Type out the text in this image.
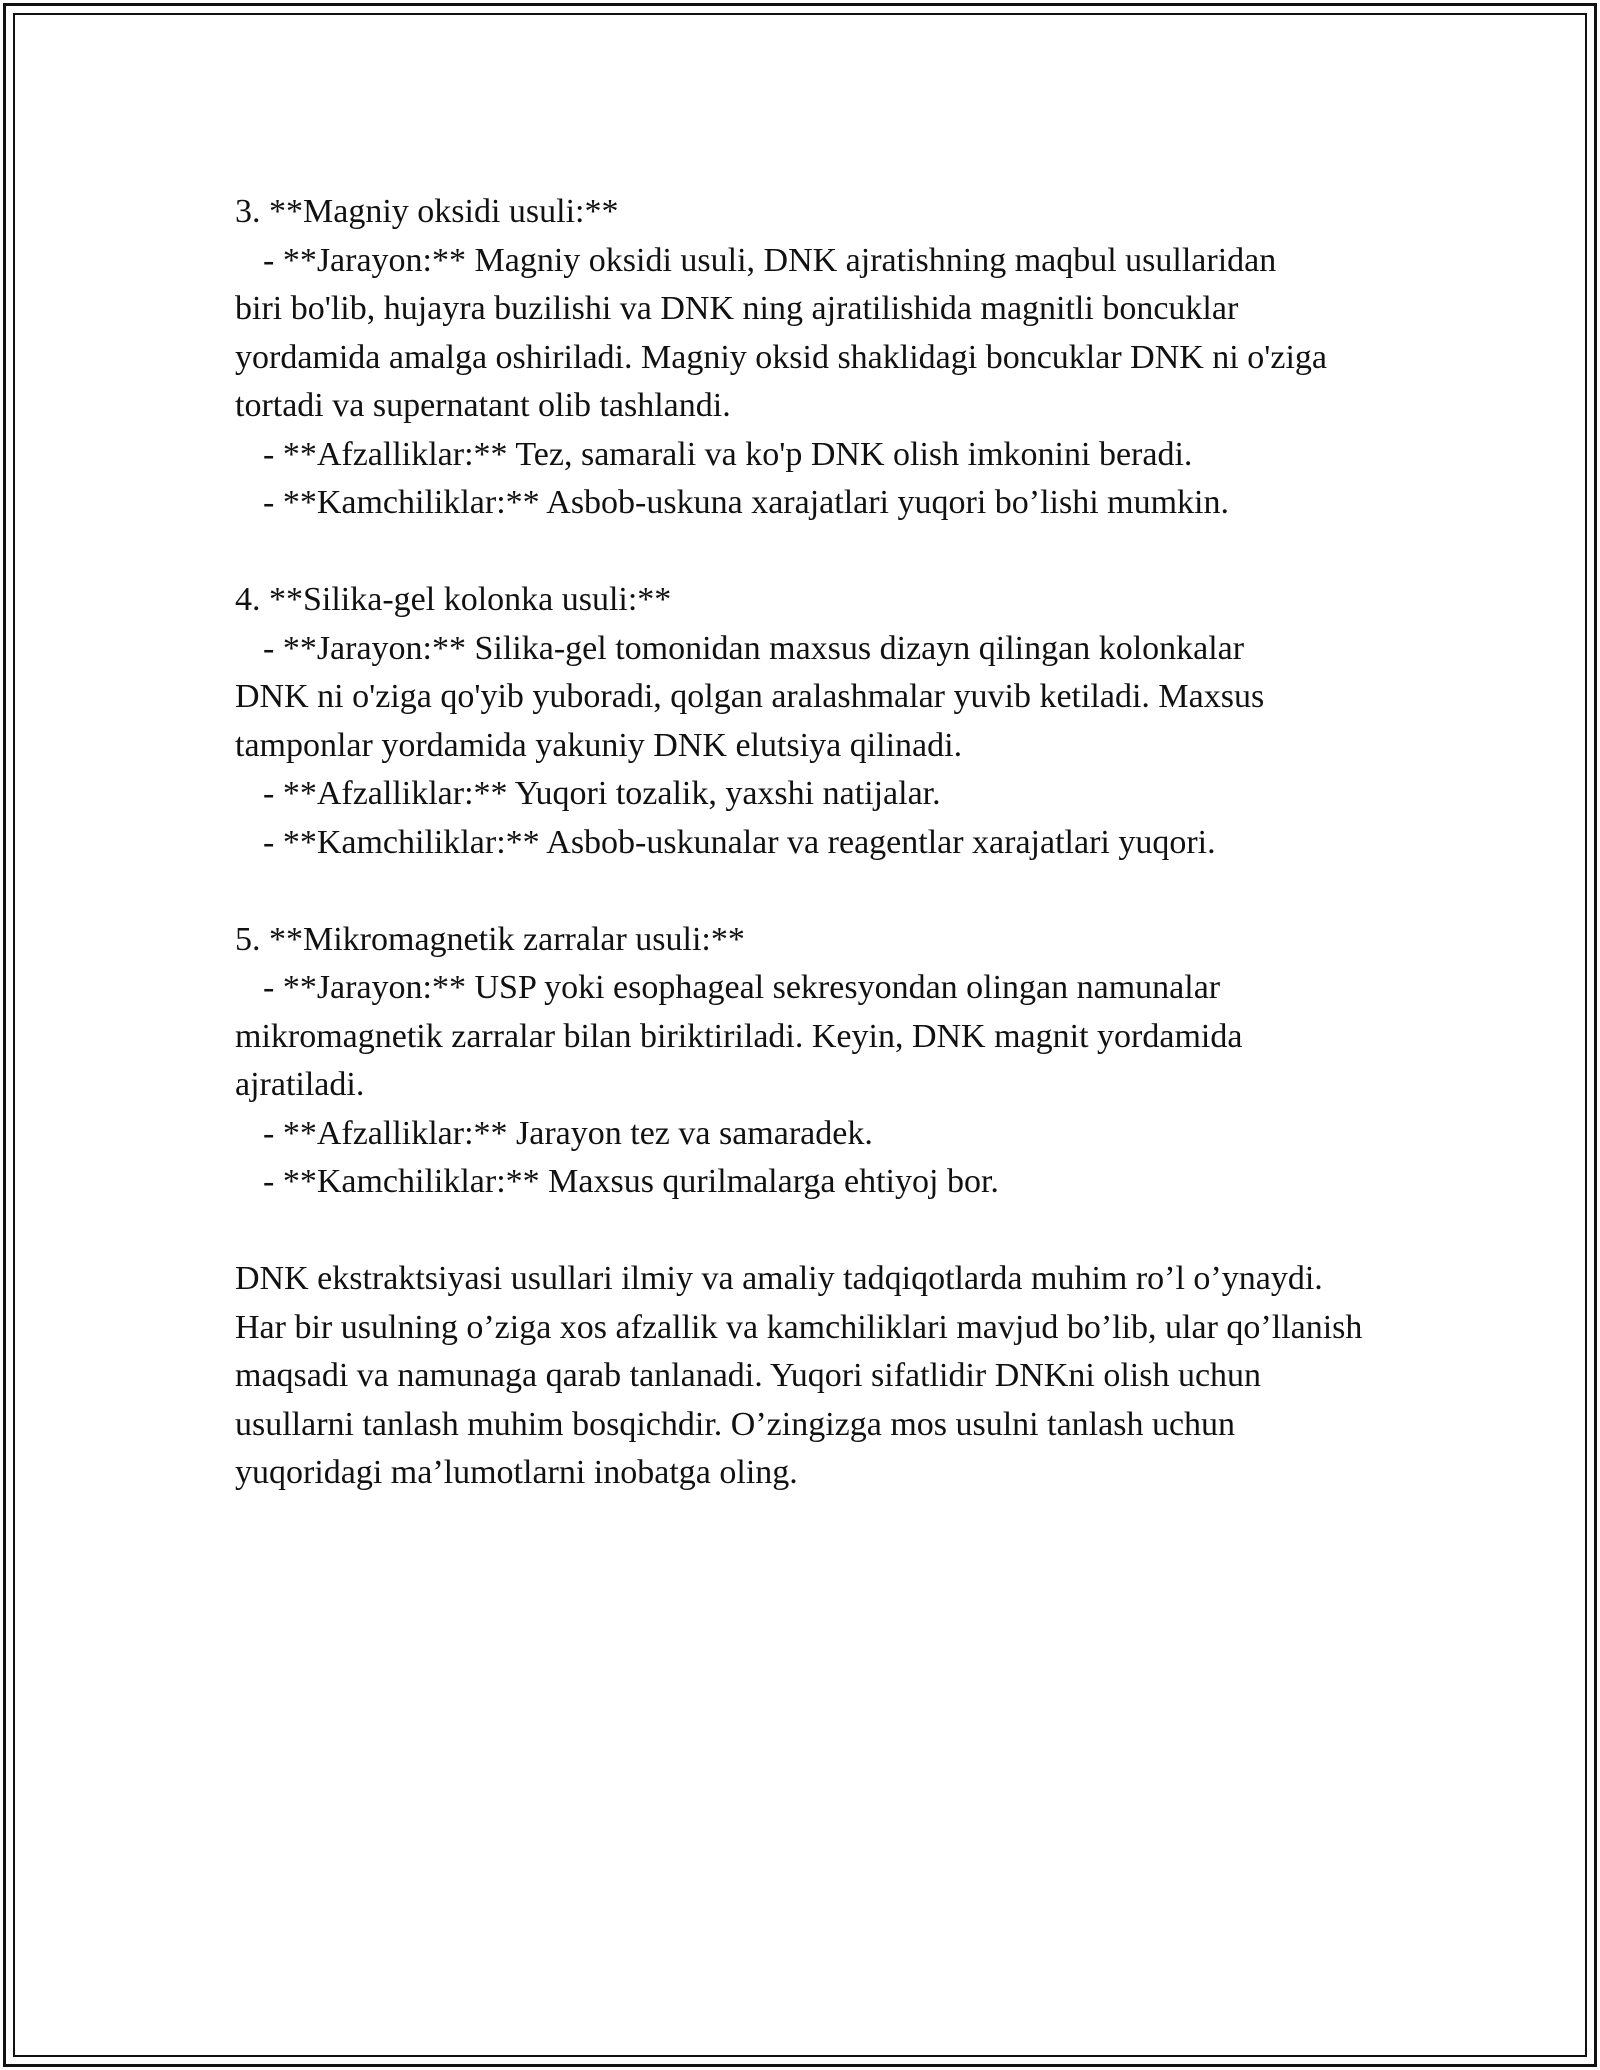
3. **Magniy oksidi usuli:**

- **Jarayon:** Magniy oksidi usuli, DNK ajratishning maqbul usullaridan

biri bo'lib, hujayra buzilishi va DNK ning ajratilishida magnitli boncuklar yordamida amalga oshiriladi. Magniy oksid shaklidagi boncuklar DNK ni o'ziga tortadi va supernatant olib tashlandi.

- **Afzalliklar:** Tez, samarali va ko'p DNK olish imkonini beradi.

- **Kamchiliklar:** Asbob-uskuna xarajatlari yuqori bo’lishi mumkin.

4. **Silika-gel kolonka usuli:**

- **Jarayon:** Silika-gel tomonidan maxsus dizayn qilingan kolonkalar

DNK ni o'ziga qo'yib yuboradi, qolgan aralashmalar yuvib ketiladi. Maxsus tamponlar yordamida yakuniy DNK elutsiya qilinadi.

- **Afzalliklar:** Yuqori tozalik, yaxshi natijalar.

- **Kamchiliklar:** Asbob-uskunalar va reagentlar xarajatlari yuqori.

5. **Mikromagnetik zarralar usuli:**

- **Jarayon:** USP yoki esophageal sekresyondan olingan namunalar

mikromagnetik zarralar bilan biriktiriladi. Keyin, DNK magnit yordamida ajratiladi.

- **Afzalliklar:** Jarayon tez va samaradek.

- **Kamchiliklar:** Maxsus qurilmalarga ehtiyoj bor.

DNK ekstraktsiyasi usullari ilmiy va amaliy tadqiqotlarda muhim ro’l o’ynaydi. Har bir usulning o’ziga xos afzallik va kamchiliklari mavjud bo’lib, ular qo’llanish maqsadi va namunaga qarab tanlanadi. Yuqori sifatlidir DNKni olish uchun usullarni tanlash muhim bosqichdir. O’zingizga mos usulni tanlash uchun yuqoridagi ma’lumotlarni inobatga oling.
